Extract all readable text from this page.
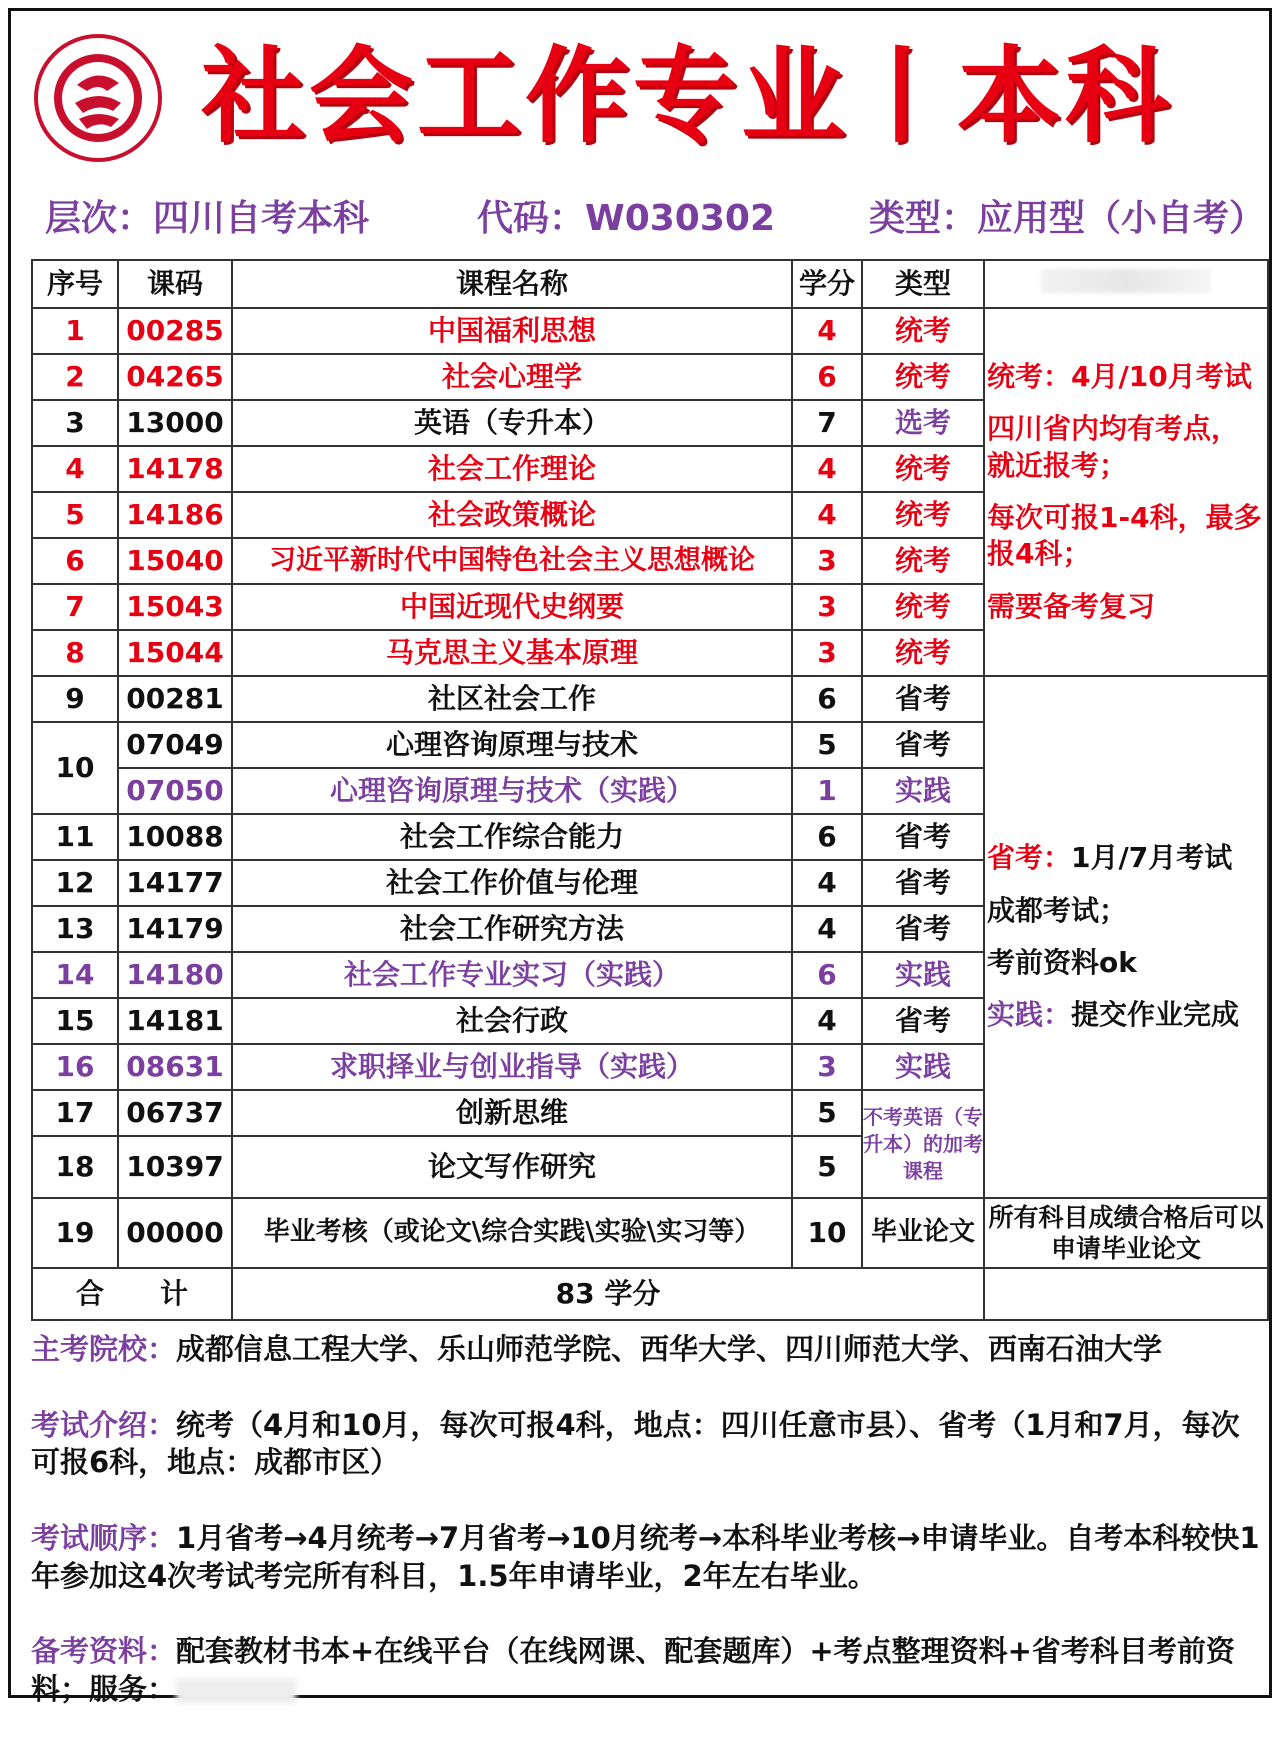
社会工作专业丨本科
层次：四川自考本科	代码：W030302	类型：应用型（小自考）
序号	课码	课程名称	学分	类型	
1	00285	中国福利思想	4	统考	统考：4月/10月考试

四川省内均有考点，就近报考；

每次可报1-4科，最多报4科；

需要备考复习

2	04265	社会心理学	6	统考	
3	13000	英语（专升本）	7	选考	
4	14178	社会工作理论	4	统考	
5	14186	社会政策概论	4	统考	
6	15040	习近平新时代中国特色社会主义思想概论	3	统考	
7	15043	中国近现代史纲要	3	统考	
8	15044	马克思主义基本原理	3	统考	
9	00281	社区社会工作	6	省考	省考：1月/7月考试

成都考试；

考前资料ok

实践：提交作业完成

10	07049	心理咨询原理与技术	5	省考	
	07050	心理咨询原理与技术（实践）	1	实践	
11	10088	社会工作综合能力	6	省考	
12	14177	社会工作价值与伦理	4	省考	
13	14179	社会工作研究方法	4	省考	
14	14180	社会工作专业实习（实践）	6	实践	
15	14181	社会行政	4	省考	
16	08631	求职择业与创业指导（实践）	3	实践	
17	06737	创新思维	5	不考英语（专升本）的加考课程	
18	10397	论文写作研究	5		
19	00000	毕业考核（或论文\综合实践\实验\实习等）	10	毕业论文	所有科目成绩合格后可以申请毕业论文
合　　计		83 学分			

主考院校：成都信息工程大学、乐山师范学院、西华大学、四川师范大学、西南石油大学

考试介绍：统考（4月和10月，每次可报4科，地点：四川任意市县）、省考（1月和7月，每次可报6科，地点：成都市区）

考试顺序：1月省考→4月统考→7月省考→10月统考→本科毕业考核→申请毕业。自考本科较快1年参加这4次考试考完所有科目，1.5年申请毕业，2年左右毕业。

备考资料：配套教材书本+在线平台（在线网课、配套题库）+考点整理资料+省考科目考前资料；服务：
